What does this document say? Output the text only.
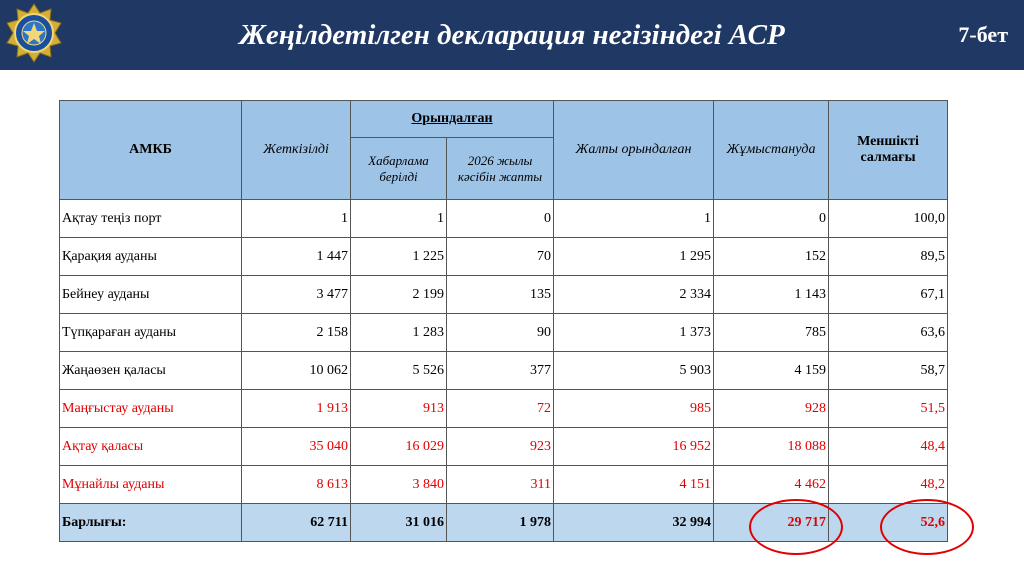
Жеңілдетілген декларация негізіндегі АСР	7-бет
АМКБ	Жеткізілді	Орындалған		Жалпы орындалған	Жұмыстануда	Меншікті салмағы
		Хабарлама берілді	2026 жылы кәсібін жапты			
Ақтау теңіз порт	1	1	0	1	0	100,0
Қарақия ауданы	1 447	1 225	70	1 295	152	89,5
Бейнеу ауданы	3 477	2 199	135	2 334	1 143	67,1
Түпқараған ауданы	2 158	1 283	90	1 373	785	63,6
Жаңаөзен қаласы	10 062	5 526	377	5 903	4 159	58,7
Маңғыстау ауданы	1 913	913	72	985	928	51,5
Ақтау қаласы	35 040	16 029	923	16 952	18 088	48,4
Мұнайлы ауданы	8 613	3 840	311	4 151	4 462	48,2
Барлығы:	62 711	31 016	1 978	32 994	29 717	52,6
